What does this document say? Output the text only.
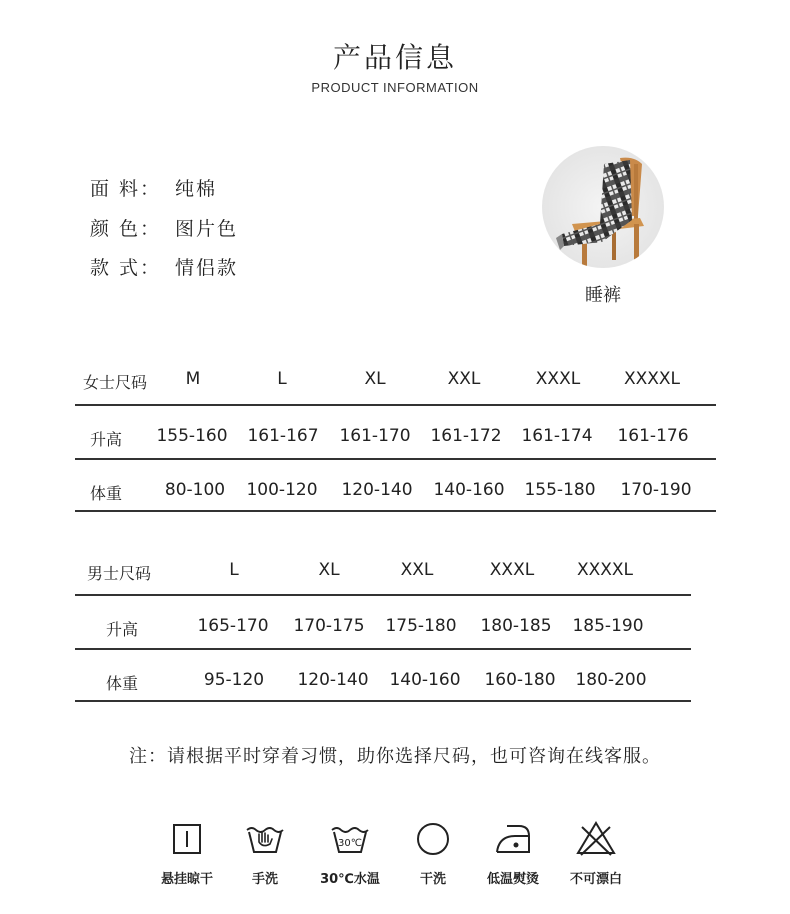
产品信息
PRODUCT INFORMATION
面 料： 纯棉
颜 色： 图片色
款 式： 情侣款
睡裤
女士尺码 M	L	XL	XXL	XXXL	XXXXL
升高 155-160 161-167 161-170 161-172 161-174 161-176
体重	80-100 100-120 120-140 140-160 155-180 170-190
男士尺码	L	XL	XXL	XXXL	XXXXL
升高	165-170 170-175 175-180 180-185 185-190
体重	95-120 120-140 140-160 160-180 180-200
注：请根据平时穿着习惯，助你选择尺码，也可咨询在线客服。
悬挂晾干	手洗
30℃
30℃水温	干洗	低温熨烫	不可漂白
